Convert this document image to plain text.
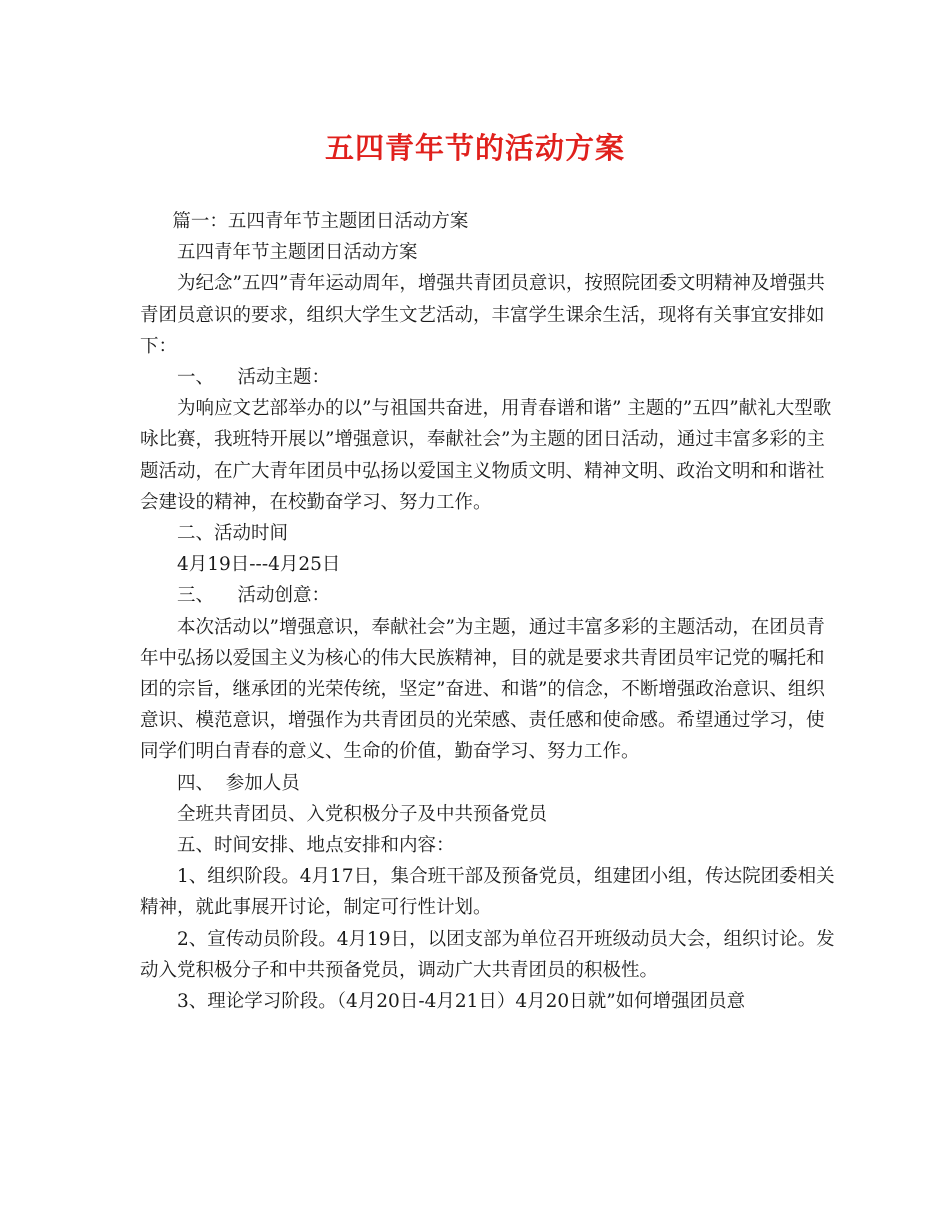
五四青年节的活动方案

篇一：五四青年节主题团日活动方案

五四青年节主题团日活动方案

为纪念”五四”青年运动周年，增强共青团员意识，按照院团委文明精神及增强共青团员意识的要求，组织大学生文艺活动，丰富学生课余生活，现将有关事宜安排如下：

一、    活动主题：

为响应文艺部举办的以”与祖国共奋进，用青春谱和谐” 主题的”五四”献礼大型歌咏比赛，我班特开展以”增强意识，奉献社会”为主题的团日活动，通过丰富多彩的主题活动，在广大青年团员中弘扬以爱国主义物质文明、精神文明、政治文明和和谐社会建设的精神，在校勤奋学习、努力工作。

二、活动时间

4月19日---4月25日

三、    活动创意：

本次活动以”增强意识，奉献社会”为主题，通过丰富多彩的主题活动，在团员青年中弘扬以爱国主义为核心的伟大民族精神，目的就是要求共青团员牢记党的嘱托和团的宗旨，继承团的光荣传统，坚定”奋进、和谐”的信念，不断增强政治意识、组织意识、模范意识，增强作为共青团员的光荣感、责任感和使命感。希望通过学习，使同学们明白青春的意义、生命的价值，勤奋学习、努力工作。

四、  参加人员

全班共青团员、入党积极分子及中共预备党员

五、时间安排、地点安排和内容：

1、组织阶段。4月17日，集合班干部及预备党员，组建团小组，传达院团委相关精神，就此事展开讨论，制定可行性计划。

2、宣传动员阶段。4月19日，以团支部为单位召开班级动员大会，组织讨论。发动入党积极分子和中共预备党员，调动广大共青团员的积极性。

3、理论学习阶段。（4月20日-4月21日）4月20日就”如何增强团员意
